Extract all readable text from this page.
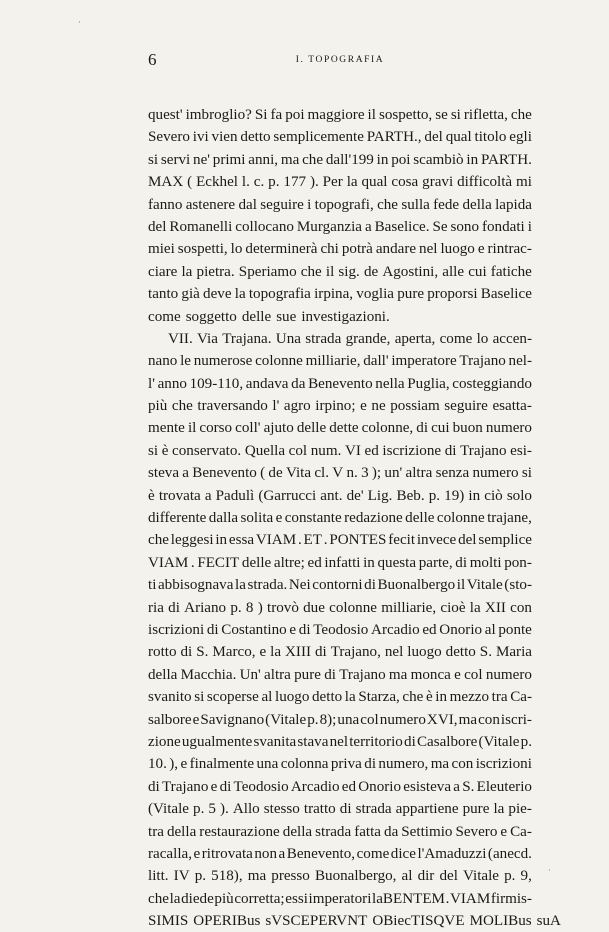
6	I. TOPOGRAFIA
quest' imbroglio? Si fa poi maggiore il sospetto, se si rifletta, che
Severo ivi vien detto semplicemente PARTH., del qual titolo egli
si servi ne' primi anni, ma che dall'199 in poi scambiò in PARTH.
MAX ( Eckhel l. c. p. 177 ). Per la qual cosa gravi difficoltà mi
fanno astenere dal seguire i topografi, che sulla fede della lapida
del Romanelli collocano Murganzia a Baselice. Se sono fondati i
miei sospetti, lo determinerà chi potrà andare nel luogo e rintrac-
ciare la pietra. Speriamo che il sig. de Agostini, alle cui fatiche
tanto già deve la topografia irpina, voglia pure proporsi Baselice
come soggetto delle sue investigazioni.
VII. Via Trajana. Una strada grande, aperta, come lo accen-
nano le numerose colonne milliarie, dall' imperatore Trajano nel-
l' anno 109-110, andava da Benevento nella Puglia, costeggiando
più che traversando l' agro irpino; e ne possiam seguire esatta-
mente il corso coll' ajuto delle dette colonne, di cui buon numero
si è conservato. Quella col num. VI ed iscrizione di Trajano esi-
steva a Benevento ( de Vita cl. V n. 3 ); un' altra senza numero si
è trovata a Padulì (Garrucci ant. de' Lig. Beb. p. 19) in ciò solo
differente dalla solita e constante redazione delle colonne trajane,
che leggesi in essa VIAM . ET . PONTES fecit invece del semplice
VIAM . FECIT delle altre; ed infatti in questa parte, di molti pon-
ti abbisognava la strada. Nei contorni di Buonalbergo il Vitale (sto-
ria di Ariano p. 8 ) trovò due colonne milliarie, cioè la XII con
iscrizioni di Costantino e di Teodosio Arcadio ed Onorio al ponte
rotto di S. Marco, e la XIII di Trajano, nel luogo detto S. Maria
della Macchia. Un' altra pure di Trajano ma monca e col numero
svanito si scoperse al luogo detto la Starza, che è in mezzo tra Ca-
salbore e Savignano (Vitale p. 8); una col numero XVI, ma con iscri-
zione ugualmente svanita stava nel territorio di Casalbore (Vitale p.
10. ), e finalmente una colonna priva di numero, ma con iscrizioni
di Trajano e di Teodosio Arcadio ed Onorio esisteva a S. Eleuterio
(Vitale p. 5 ). Allo stesso tratto di strada appartiene pure la pie-
tra della restaurazione della strada fatta da Settimio Severo e Ca-
racalla, e ritrovata non a Benevento, come dice l'Amaduzzi (anecd.
litt. IV p. 518), ma presso Buonalbergo, al dir del Vitale p. 9,
che la diede più corretta; essi imperatori laBENTEM . VIAM firmis-
SIMIS OPERIBus sVSCEPERVNT OBiecTISQVE MOLIBus suA
·
·
